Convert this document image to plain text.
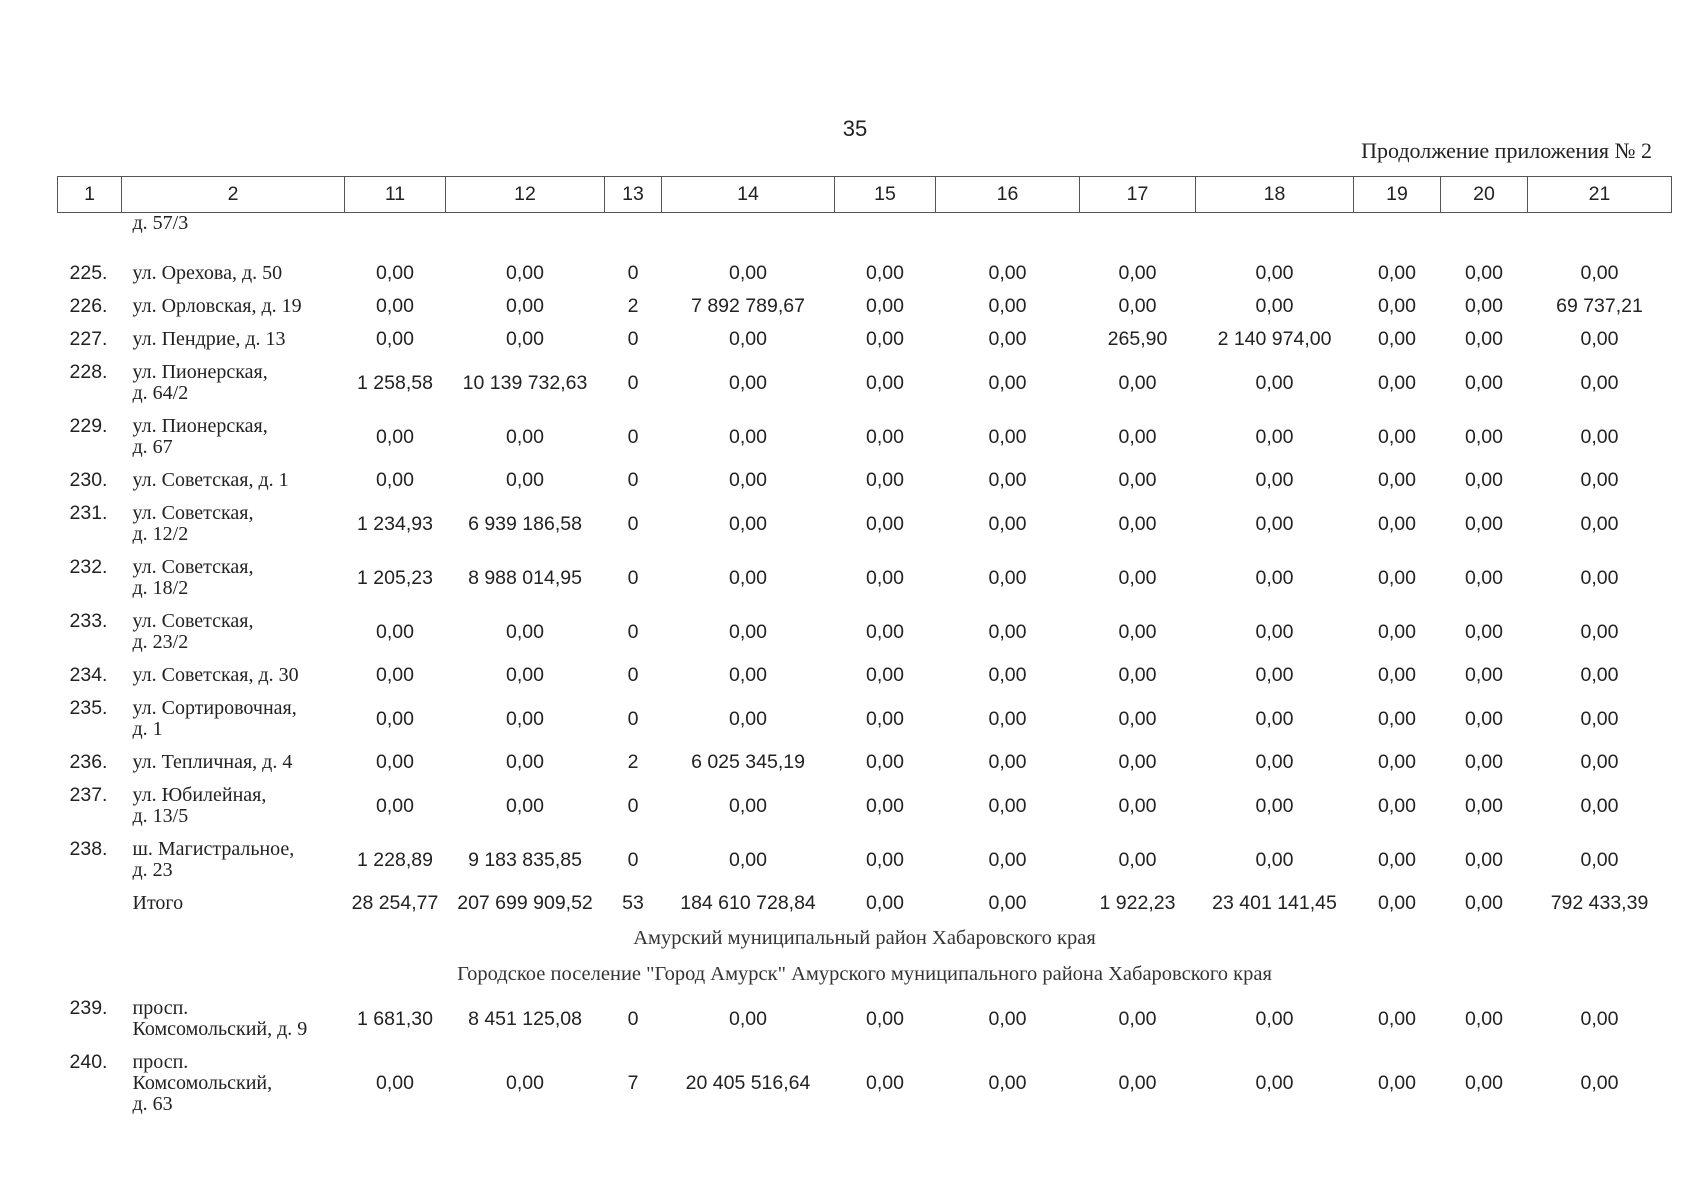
35
Продолжение приложения № 2
1	2	11	12	13	14	15	16	17	18	19	20	21
	д. 57/3											
225.	ул. Орехова, д. 50	0,00	0,00	0	0,00	0,00	0,00	0,00	0,00	0,00	0,00	0,00
226.	ул. Орловская, д. 19	0,00	0,00	2	7 892 789,67	0,00	0,00	0,00	0,00	0,00	0,00	69 737,21
227.	ул. Пендрие, д. 13	0,00	0,00	0	0,00	0,00	0,00	265,90	2 140 974,00	0,00	0,00	0,00
228.	ул. Пионерская,
д. 64/2	1 258,58	10 139 732,63	0	0,00	0,00	0,00	0,00	0,00	0,00	0,00	0,00
229.	ул. Пионерская,
д. 67	0,00	0,00	0	0,00	0,00	0,00	0,00	0,00	0,00	0,00	0,00
230.	ул. Советская, д. 1	0,00	0,00	0	0,00	0,00	0,00	0,00	0,00	0,00	0,00	0,00
231.	ул. Советская,
д. 12/2	1 234,93	6 939 186,58	0	0,00	0,00	0,00	0,00	0,00	0,00	0,00	0,00
232.	ул. Советская,
д. 18/2	1 205,23	8 988 014,95	0	0,00	0,00	0,00	0,00	0,00	0,00	0,00	0,00
233.	ул. Советская,
д. 23/2	0,00	0,00	0	0,00	0,00	0,00	0,00	0,00	0,00	0,00	0,00
234.	ул. Советская, д. 30	0,00	0,00	0	0,00	0,00	0,00	0,00	0,00	0,00	0,00	0,00
235.	ул. Сортировочная,
д. 1	0,00	0,00	0	0,00	0,00	0,00	0,00	0,00	0,00	0,00	0,00
236.	ул. Тепличная, д. 4	0,00	0,00	2	6 025 345,19	0,00	0,00	0,00	0,00	0,00	0,00	0,00
237.	ул. Юбилейная,
д. 13/5	0,00	0,00	0	0,00	0,00	0,00	0,00	0,00	0,00	0,00	0,00
238.	ш. Магистральное,
д. 23	1 228,89	9 183 835,85	0	0,00	0,00	0,00	0,00	0,00	0,00	0,00	0,00
	Итого	28 254,77	207 699 909,52	53	184 610 728,84	0,00	0,00	1 922,23	23 401 141,45	0,00	0,00	792 433,39
Амурский муниципальный район Хабаровского края												
Городское поселение "Город Амурск" Амурского муниципального района Хабаровского края												
239.	просп.
Комсомольский, д. 9	1 681,30	8 451 125,08	0	0,00	0,00	0,00	0,00	0,00	0,00	0,00	0,00
240.	просп.
Комсомольский,
д. 63	0,00	0,00	7	20 405 516,64	0,00	0,00	0,00	0,00	0,00	0,00	0,00
